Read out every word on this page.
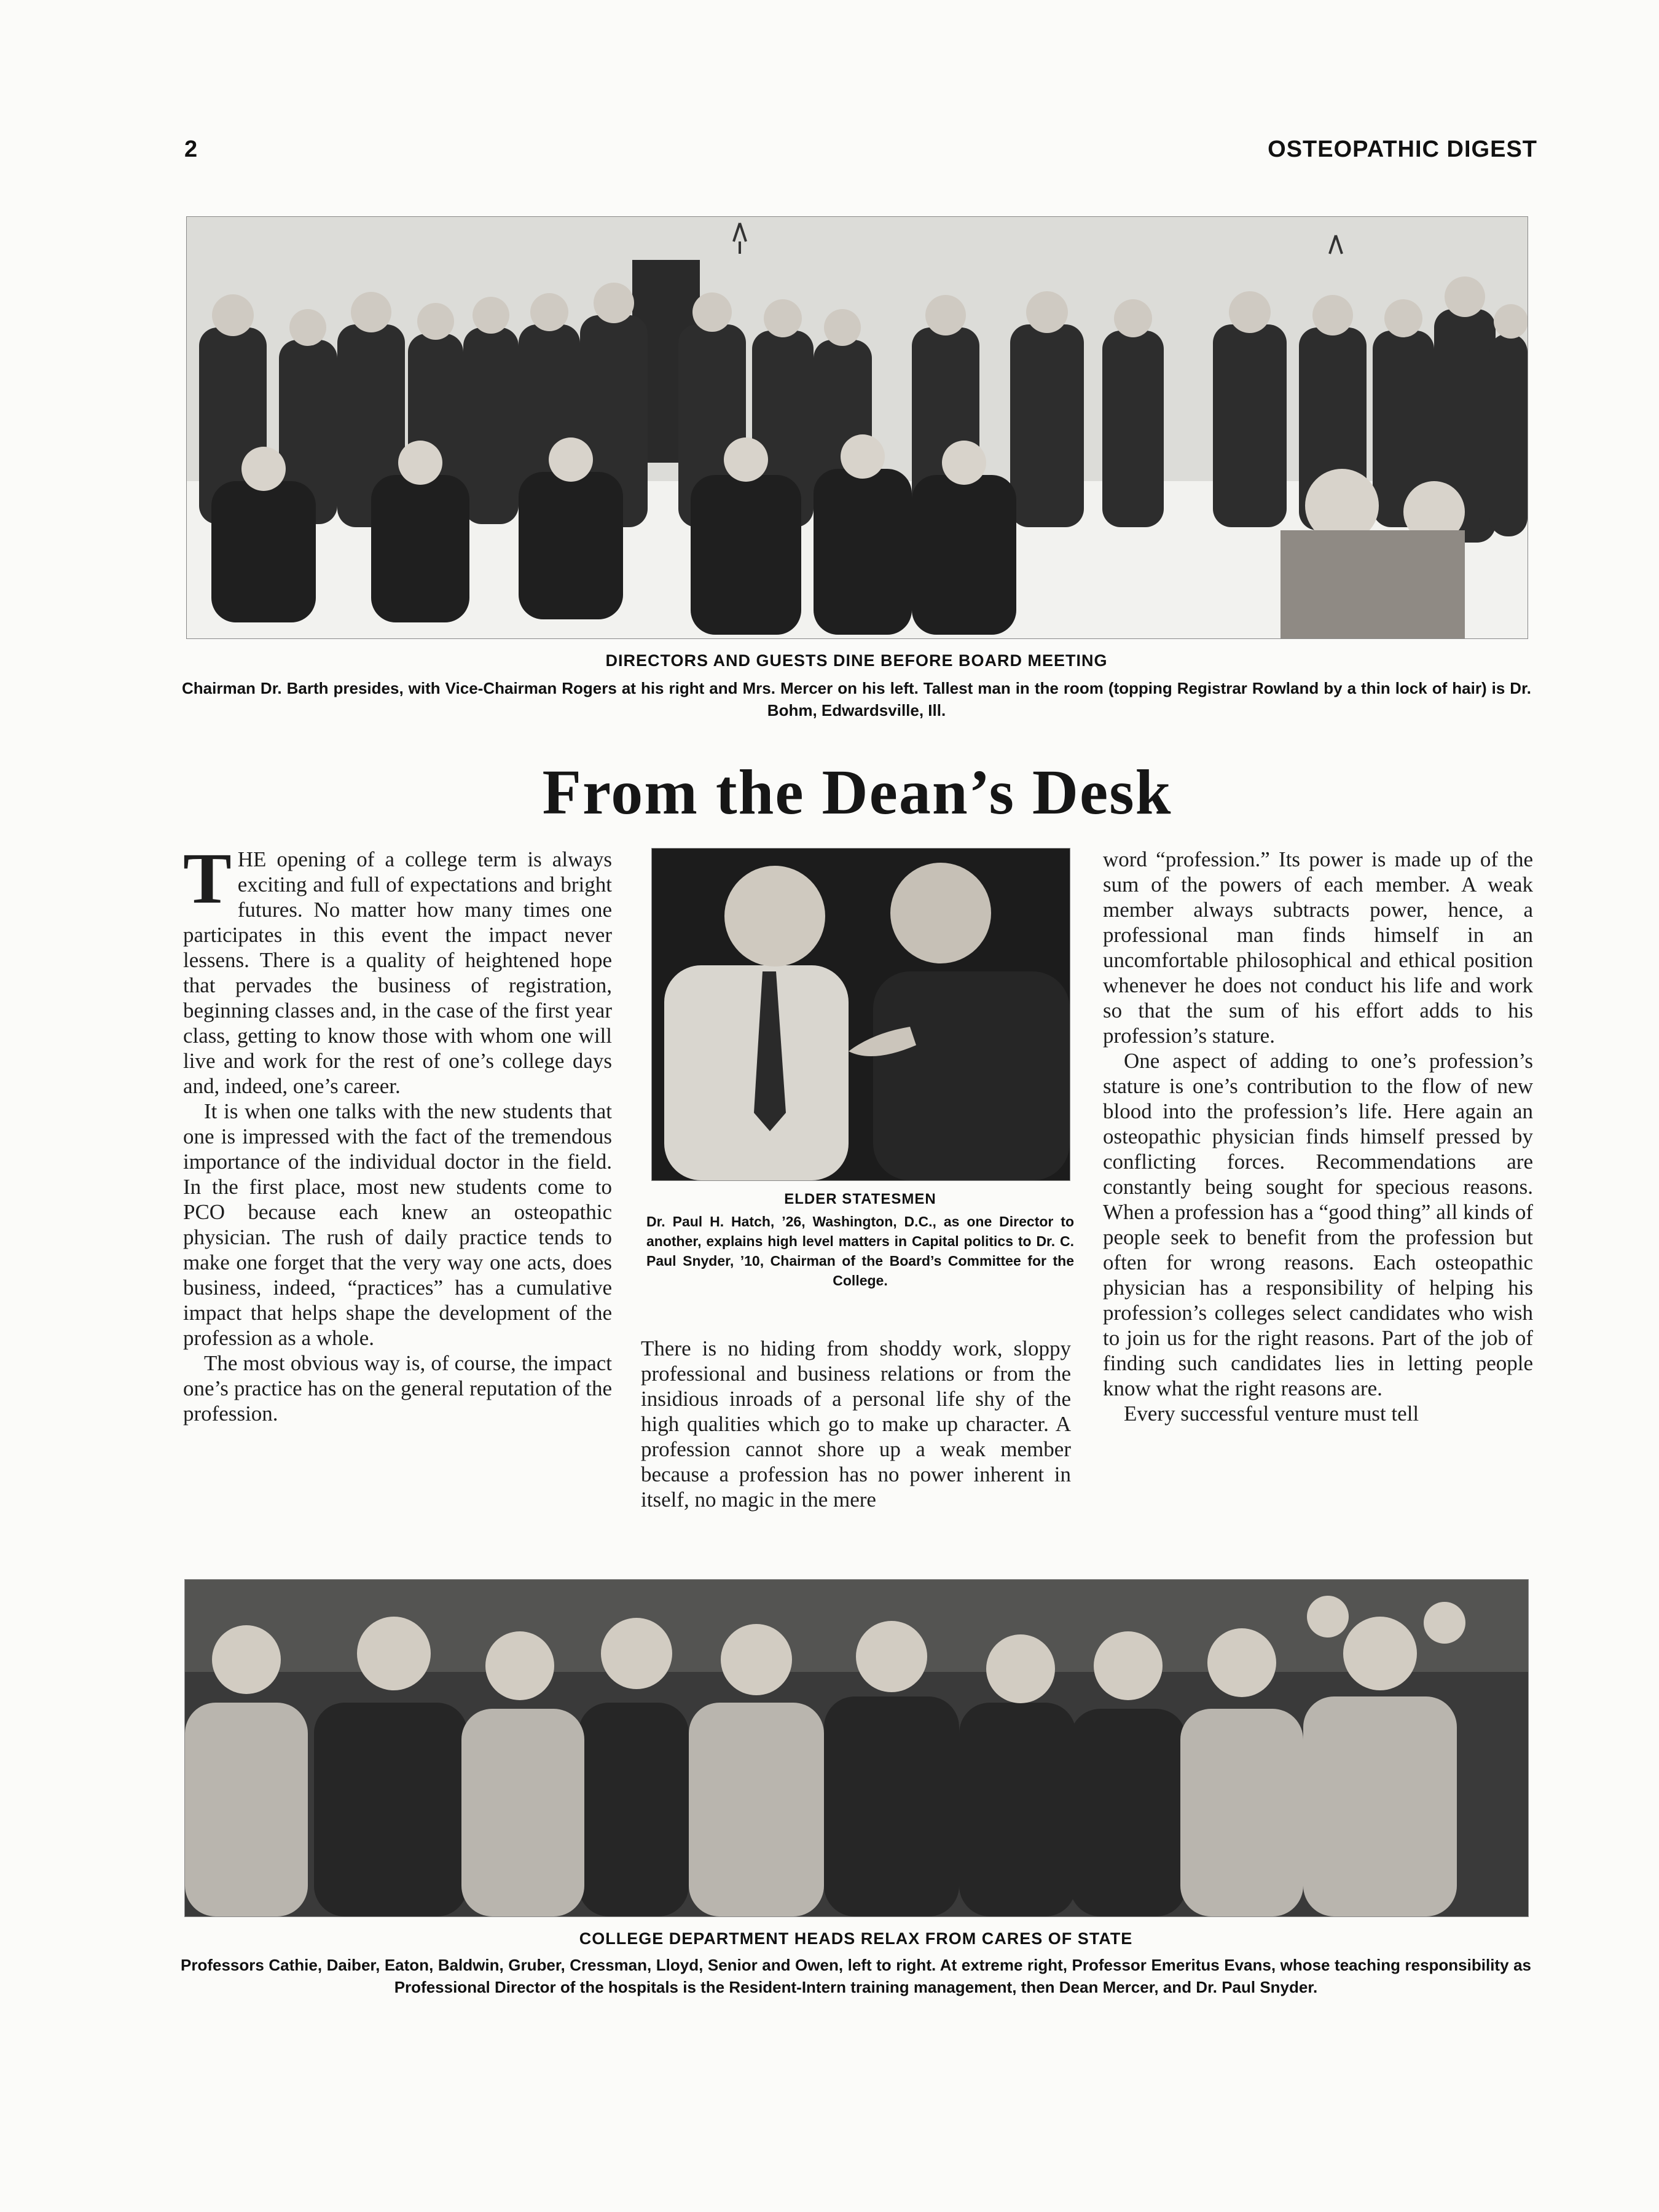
2	OSTEOPATHIC DIGEST
DIRECTORS AND GUESTS DINE BEFORE BOARD MEETING
Chairman Dr. Barth presides, with Vice-Chairman Rogers at his right and Mrs. Mercer on his left. Tallest man in the room (topping Registrar Rowland by a thin lock of hair) is Dr. Bohm, Edwardsville, Ill.
From the Dean’s Desk

THE opening of a college term is always exciting and full of expectations and bright futures. No matter how many times one participates in this event the impact never lessens. There is a quality of heightened hope that pervades the business of registration, beginning classes and, in the case of the first year class, getting to know those with whom one will live and work for the rest of one’s college days and, indeed, one’s career.

It is when one talks with the new students that one is impressed with the fact of the tremendous importance of the individual doctor in the field. In the first place, most new students come to PCO because each knew an osteopathic physician. The rush of daily practice tends to make one forget that the very way one acts, does business, indeed, “practices” has a cumulative impact that helps shape the development of the profession as a whole.

The most obvious way is, of course, the impact one’s practice has on the general reputation of the profession.

ELDER STATESMEN
Dr. Paul H. Hatch, ’26, Washington, D.C., as one Director to another, explains high level matters in Capital politics to Dr. C. Paul Snyder, ’10, Chairman of the Board’s Committee for the College.

There is no hiding from shoddy work, sloppy professional and business relations or from the insidious inroads of a personal life shy of the high qualities which go to make up character. A profession cannot shore up a weak member because a profession has no power inherent in itself, no magic in the mere

word “profession.” Its power is made up of the sum of the powers of each member. A weak member always subtracts power, hence, a professional man finds himself in an uncomfortable philosophical and ethical position whenever he does not conduct his life and work so that the sum of his effort adds to his profession’s stature.

One aspect of adding to one’s profession’s stature is one’s contribution to the flow of new blood into the profession’s life. Here again an osteopathic physician finds himself pressed by conflicting forces. Recommendations are constantly being sought for specious reasons. When a profession has a “good thing” all kinds of people seek to benefit from the profession but often for wrong reasons. Each osteopathic physician has a responsibility of helping his profession’s colleges select candidates who wish to join us for the right reasons. Part of the job of finding such candidates lies in letting people know what the right reasons are.

Every successful venture must tell

COLLEGE DEPARTMENT HEADS RELAX FROM CARES OF STATE
Professors Cathie, Daiber, Eaton, Baldwin, Gruber, Cressman, Lloyd, Senior and Owen, left to right. At extreme right, Professor Emeritus Evans, whose teaching responsibility as Professional Director of the hospitals is the Resident-Intern training management, then Dean Mercer, and Dr. Paul Snyder.
